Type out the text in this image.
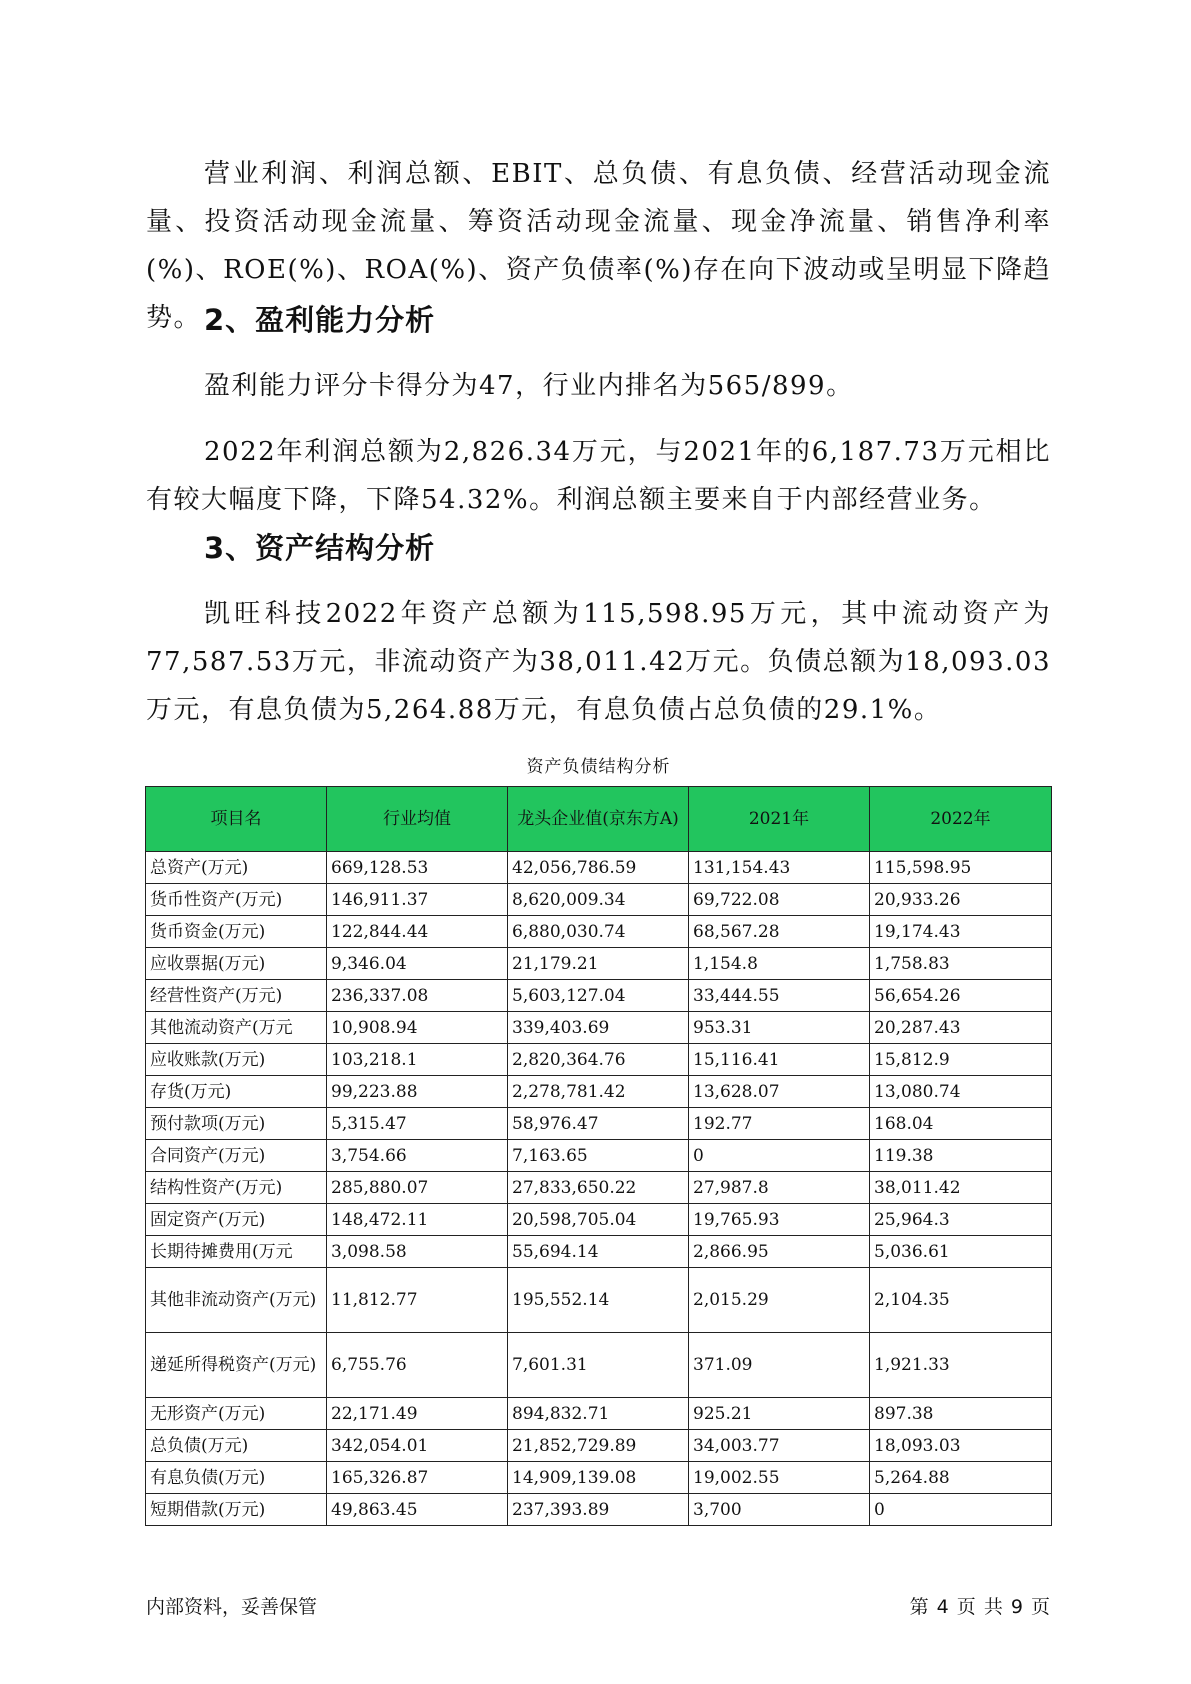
营业利润、利润总额、EBIT、总负债、有息负债、经营活动现金流量、投资活动现金流量、筹资活动现金流量、现金净流量、销售净利率(%)、ROE(%)、ROA(%)、资产负债率(%)存在向下波动或呈明显下降趋势。 2、盈利能力分析

盈利能力评分卡得分为47，行业内排名为565/899。

2022年利润总额为2,826.34万元，与2021年的6,187.73万元相比有较大幅度下降，下降54.32%。利润总额主要来自于内部经营业务。

3、资产结构分析

凯旺科技2022年资产总额为115,598.95万元，其中流动资产为77,587.53万元，非流动资产为38,011.42万元。负债总额为18,093.03万元，有息负债为5,264.88万元，有息负债占总负债的29.1%。

资产负债结构分析
项目名	行业均值	龙头企业值(京东方A)	2021年	2022年
总资产(万元)	669,128.53	42,056,786.59	131,154.43	115,598.95
货币性资产(万元)	146,911.37	8,620,009.34	69,722.08	20,933.26
货币资金(万元)	122,844.44	6,880,030.74	68,567.28	19,174.43
应收票据(万元)	9,346.04	21,179.21	1,154.8	1,758.83
经营性资产(万元)	236,337.08	5,603,127.04	33,444.55	56,654.26
其他流动资产(万元	10,908.94	339,403.69	953.31	20,287.43
应收账款(万元)	103,218.1	2,820,364.76	15,116.41	15,812.9
存货(万元)	99,223.88	2,278,781.42	13,628.07	13,080.74
预付款项(万元)	5,315.47	58,976.47	192.77	168.04
合同资产(万元)	3,754.66	7,163.65	0	119.38
结构性资产(万元)	285,880.07	27,833,650.22	27,987.8	38,011.42
固定资产(万元)	148,472.11	20,598,705.04	19,765.93	25,964.3
长期待摊费用(万元	3,098.58	55,694.14	2,866.95	5,036.61
其他非流动资产(万元)	11,812.77	195,552.14	2,015.29	2,104.35
递延所得税资产(万元)	6,755.76	7,601.31	371.09	1,921.33
无形资产(万元)	22,171.49	894,832.71	925.21	897.38
总负债(万元)	342,054.01	21,852,729.89	34,003.77	18,093.03
有息负债(万元)	165,326.87	14,909,139.08	19,002.55	5,264.88
短期借款(万元)	49,863.45	237,393.89	3,700	0
内部资料，妥善保管	第 4 页 共 9 页
